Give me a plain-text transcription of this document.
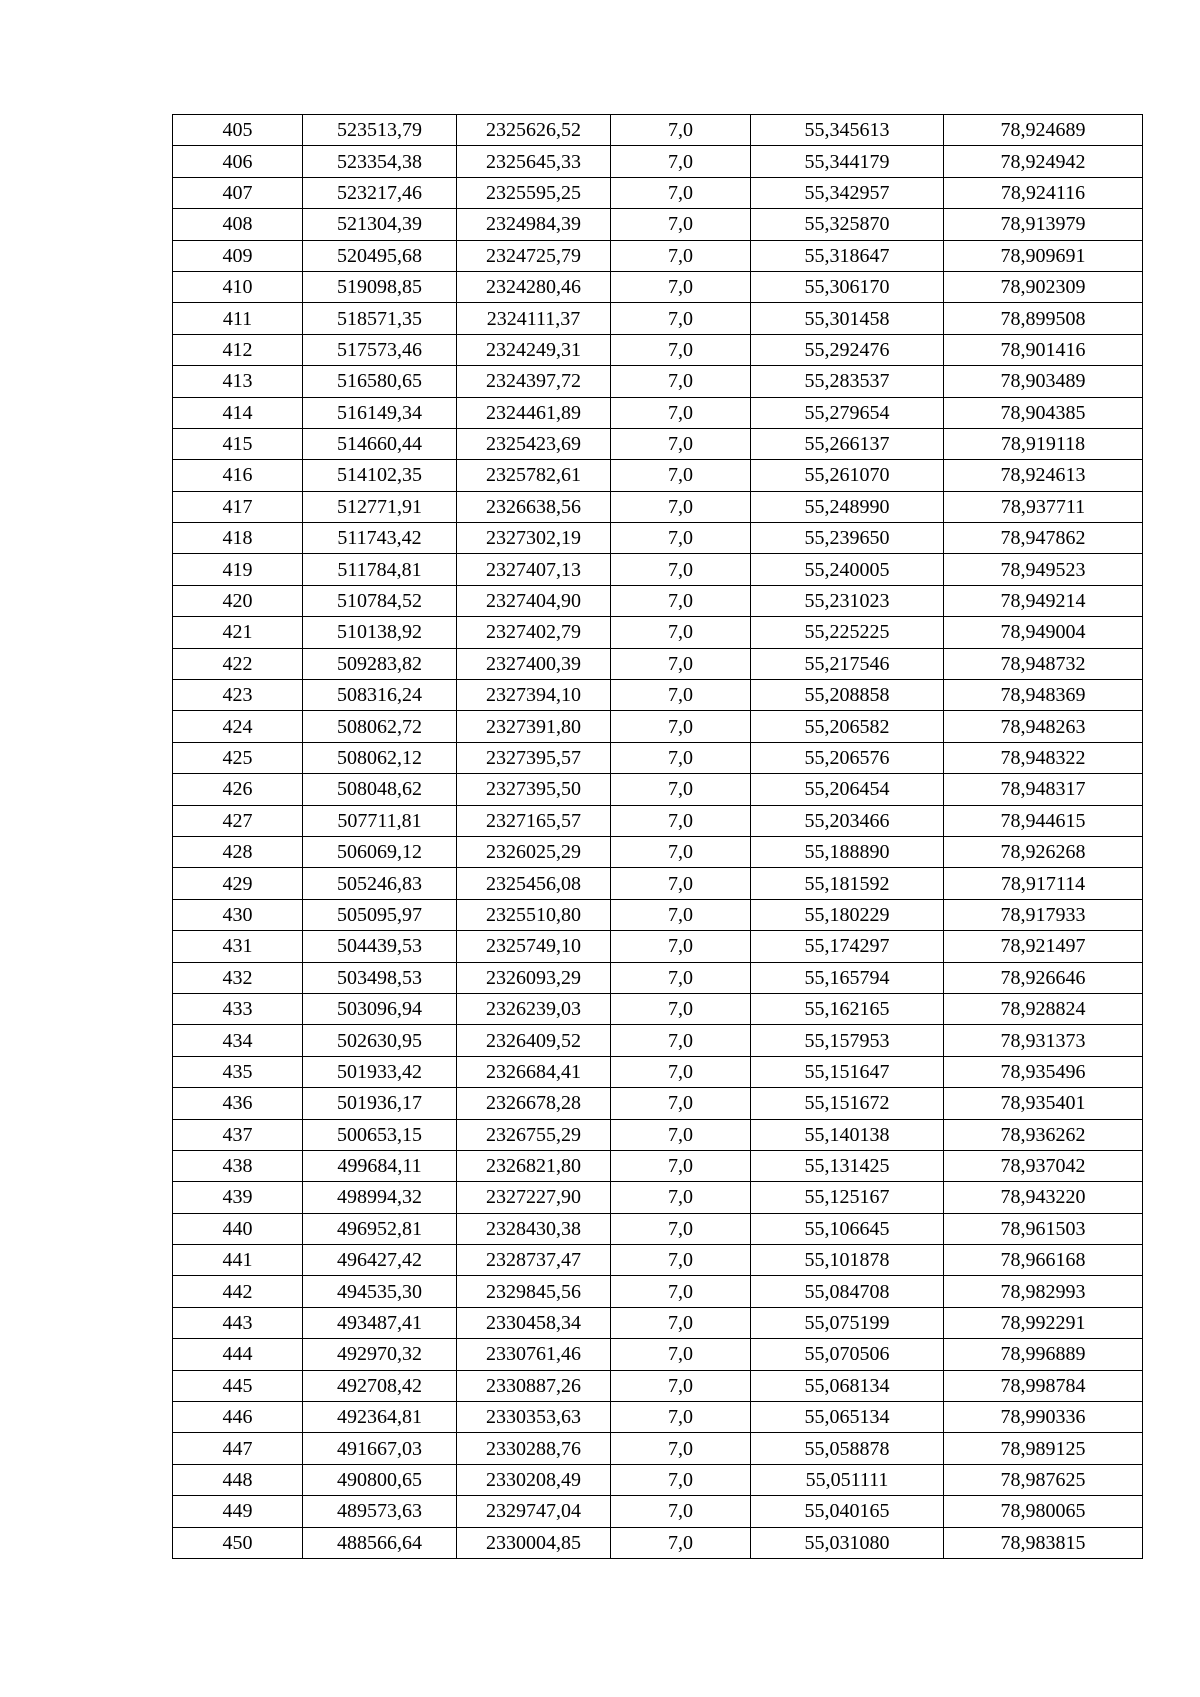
405	523513,79	2325626,52	7,0	55,345613	78,924689
406	523354,38	2325645,33	7,0	55,344179	78,924942
407	523217,46	2325595,25	7,0	55,342957	78,924116
408	521304,39	2324984,39	7,0	55,325870	78,913979
409	520495,68	2324725,79	7,0	55,318647	78,909691
410	519098,85	2324280,46	7,0	55,306170	78,902309
411	518571,35	2324111,37	7,0	55,301458	78,899508
412	517573,46	2324249,31	7,0	55,292476	78,901416
413	516580,65	2324397,72	7,0	55,283537	78,903489
414	516149,34	2324461,89	7,0	55,279654	78,904385
415	514660,44	2325423,69	7,0	55,266137	78,919118
416	514102,35	2325782,61	7,0	55,261070	78,924613
417	512771,91	2326638,56	7,0	55,248990	78,937711
418	511743,42	2327302,19	7,0	55,239650	78,947862
419	511784,81	2327407,13	7,0	55,240005	78,949523
420	510784,52	2327404,90	7,0	55,231023	78,949214
421	510138,92	2327402,79	7,0	55,225225	78,949004
422	509283,82	2327400,39	7,0	55,217546	78,948732
423	508316,24	2327394,10	7,0	55,208858	78,948369
424	508062,72	2327391,80	7,0	55,206582	78,948263
425	508062,12	2327395,57	7,0	55,206576	78,948322
426	508048,62	2327395,50	7,0	55,206454	78,948317
427	507711,81	2327165,57	7,0	55,203466	78,944615
428	506069,12	2326025,29	7,0	55,188890	78,926268
429	505246,83	2325456,08	7,0	55,181592	78,917114
430	505095,97	2325510,80	7,0	55,180229	78,917933
431	504439,53	2325749,10	7,0	55,174297	78,921497
432	503498,53	2326093,29	7,0	55,165794	78,926646
433	503096,94	2326239,03	7,0	55,162165	78,928824
434	502630,95	2326409,52	7,0	55,157953	78,931373
435	501933,42	2326684,41	7,0	55,151647	78,935496
436	501936,17	2326678,28	7,0	55,151672	78,935401
437	500653,15	2326755,29	7,0	55,140138	78,936262
438	499684,11	2326821,80	7,0	55,131425	78,937042
439	498994,32	2327227,90	7,0	55,125167	78,943220
440	496952,81	2328430,38	7,0	55,106645	78,961503
441	496427,42	2328737,47	7,0	55,101878	78,966168
442	494535,30	2329845,56	7,0	55,084708	78,982993
443	493487,41	2330458,34	7,0	55,075199	78,992291
444	492970,32	2330761,46	7,0	55,070506	78,996889
445	492708,42	2330887,26	7,0	55,068134	78,998784
446	492364,81	2330353,63	7,0	55,065134	78,990336
447	491667,03	2330288,76	7,0	55,058878	78,989125
448	490800,65	2330208,49	7,0	55,051111	78,987625
449	489573,63	2329747,04	7,0	55,040165	78,980065
450	488566,64	2330004,85	7,0	55,031080	78,983815
